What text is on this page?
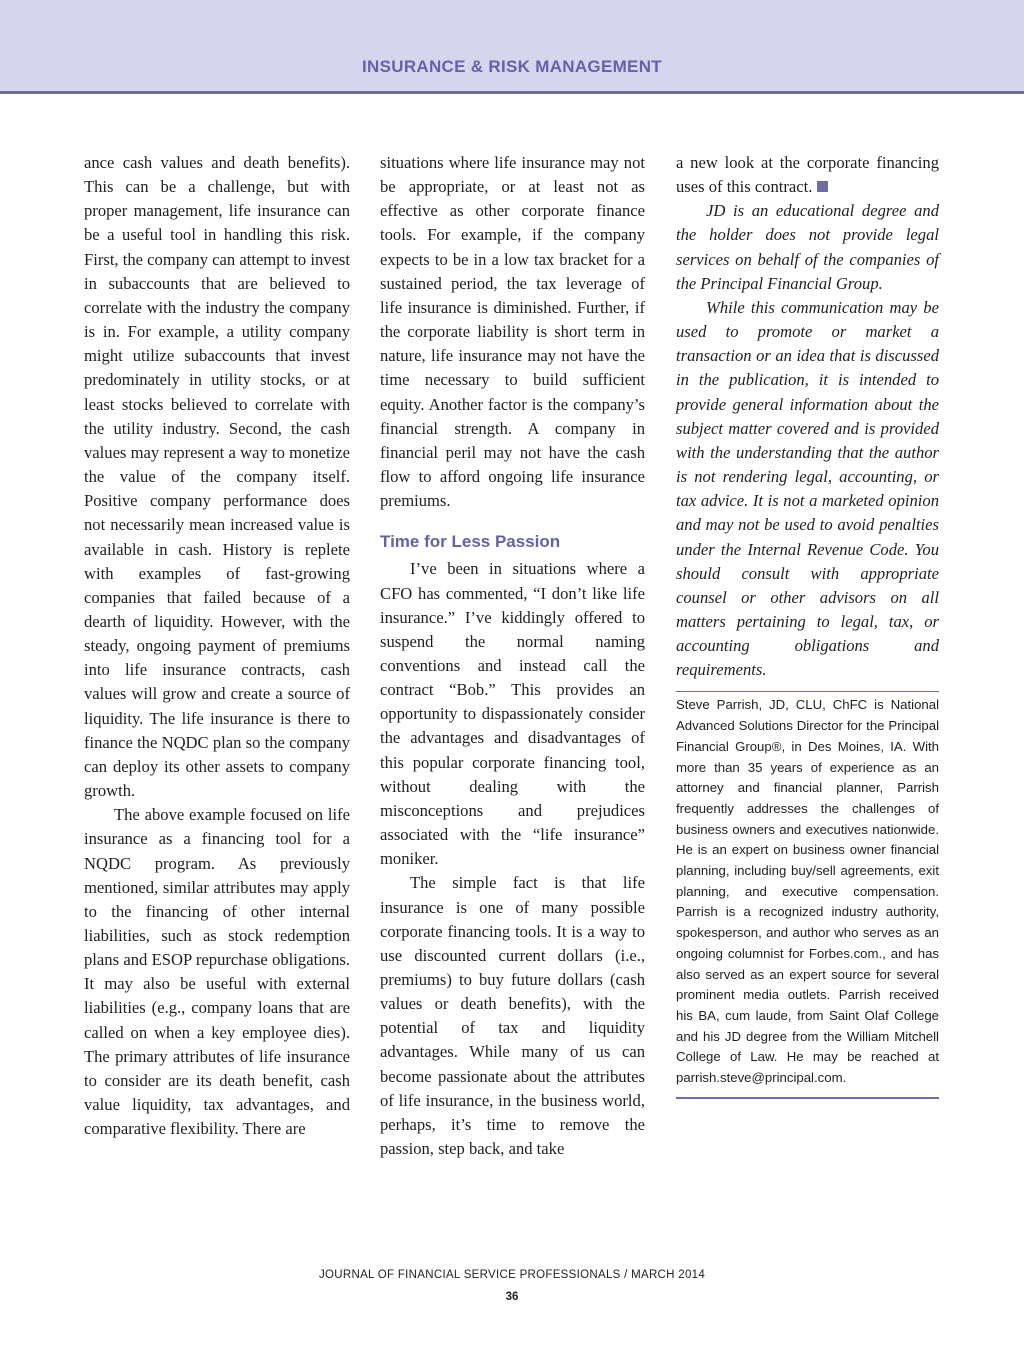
INSURANCE & RISK MANAGEMENT

ance cash values and death benefits). This can be a challenge, but with proper management, life insurance can be a useful tool in handling this risk. First, the company can attempt to invest in subaccounts that are believed to correlate with the industry the company is in. For example, a utility company might utilize subaccounts that invest predominately in utility stocks, or at least stocks believed to correlate with the utility industry. Second, the cash values may represent a way to monetize the value of the company itself. Positive company performance does not necessarily mean increased value is available in cash. History is replete with examples of fast-growing companies that failed because of a dearth of liquidity. However, with the steady, ongoing payment of premiums into life insurance contracts, cash values will grow and create a source of liquidity. The life insurance is there to finance the NQDC plan so the company can deploy its other assets to company growth.

The above example focused on life insurance as a financing tool for a NQDC program. As previously mentioned, similar attributes may apply to the financing of other internal liabilities, such as stock redemption plans and ESOP repurchase obligations. It may also be useful with external liabilities (e.g., company loans that are called on when a key employee dies). The primary attributes of life insurance to consider are its death benefit, cash value liquidity, tax advantages, and comparative flexibility. There are

situations where life insurance may not be appropriate, or at least not as effective as other corporate finance tools. For example, if the company expects to be in a low tax bracket for a sustained period, the tax leverage of life insurance is diminished. Further, if the corporate liability is short term in nature, life insurance may not have the time necessary to build sufficient equity. Another factor is the company’s financial strength. A company in financial peril may not have the cash flow to afford ongoing life insurance premiums.

Time for Less Passion

I’ve been in situations where a CFO has commented, “I don’t like life insurance.” I’ve kiddingly offered to suspend the normal naming conventions and instead call the contract “Bob.” This provides an opportunity to dispassionately consider the advantages and disadvantages of this popular corporate financing tool, without dealing with the misconceptions and prejudices associated with the “life insurance” moniker.

The simple fact is that life insurance is one of many possible corporate financing tools. It is a way to use discounted current dollars (i.e., premiums) to buy future dollars (cash values or death benefits), with the potential of tax and liquidity advantages. While many of us can become passionate about the attributes of life insurance, in the business world, perhaps, it’s time to remove the passion, step back, and take

a new look at the corporate financing uses of this contract.

JD is an educational degree and the holder does not provide legal services on behalf of the companies of the Principal Financial Group.

While this communication may be used to promote or market a transaction or an idea that is discussed in the publication, it is intended to provide general information about the subject matter covered and is provided with the understanding that the author is not rendering legal, accounting, or tax advice. It is not a marketed opinion and may not be used to avoid penalties under the Internal Revenue Code. You should consult with appropriate counsel or other advisors on all matters pertaining to legal, tax, or accounting obligations and requirements.

Steve Parrish, JD, CLU, ChFC is National Advanced Solutions Director for the Principal Financial Group®, in Des Moines, IA. With more than 35 years of experience as an attorney and financial planner, Parrish frequently addresses the challenges of business owners and executives nationwide. He is an expert on business owner financial planning, including buy/sell agreements, exit planning, and executive compensation. Parrish is a recognized industry authority, spokesperson, and author who serves as an ongoing columnist for Forbes.com., and has also served as an expert source for several prominent media outlets. Parrish received his BA, cum laude, from Saint Olaf College and his JD degree from the William Mitchell College of Law. He may be reached at parrish.steve@principal.com.

JOURNAL OF FINANCIAL SERVICE PROFESSIONALS / MARCH 2014
36
